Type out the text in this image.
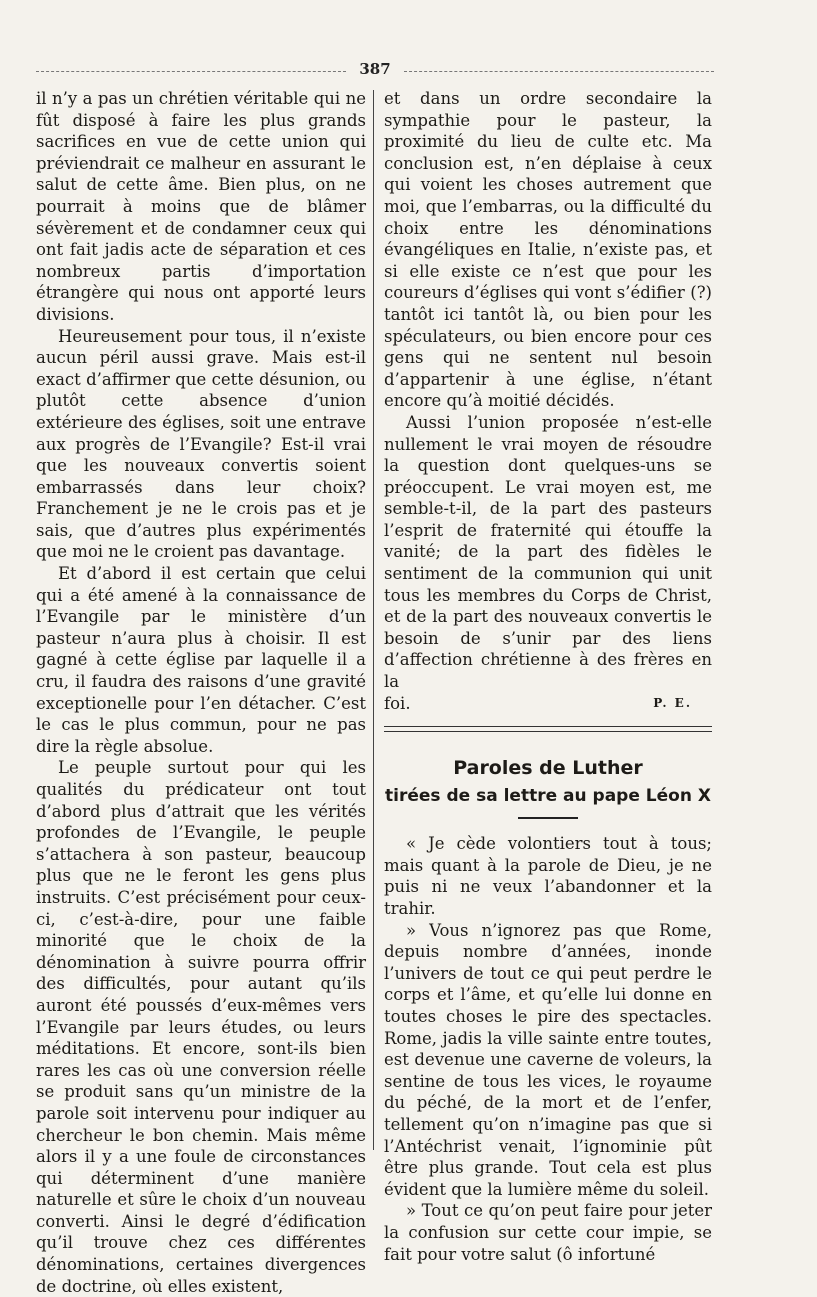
387

il n’y a pas un chrétien véritable qui ne fût disposé à faire les plus grands sacrifices en vue de cette union qui préviendrait ce malheur en assurant le salut de cette âme. Bien plus, on ne pourrait à moins que de blâmer sévèrement et de condamner ceux qui ont fait jadis acte de séparation et ces nombreux partis d’importation étrangère qui nous ont apporté leurs divisions.

Heureusement pour tous, il n’existe aucun péril aussi grave. Mais est-il exact d’affirmer que cette désunion, ou plutôt cette absence d’union extérieure des églises, soit une entrave aux progrès de l’Evangile? Est-il vrai que les nouveaux convertis soient embarrassés dans leur choix? Franchement je ne le crois pas et je sais, que d’autres plus expérimentés que moi ne le croient pas davantage.

Et d’abord il est certain que celui qui a été amené à la connaissance de l’Evangile par le ministère d’un pasteur n’aura plus à choisir. Il est gagné à cette église par laquelle il a cru, il faudra des raisons d’une gravité exceptionelle pour l’en détacher. C’est le cas le plus commun, pour ne pas dire la règle absolue.

Le peuple surtout pour qui les qualités du prédicateur ont tout d’abord plus d’attrait que les vérités profondes de l’Evangile, le peuple s’attachera à son pasteur, beaucoup plus que ne le feront les gens plus instruits. C’est précisément pour ceux-ci, c’est-à-dire, pour une faible minorité que le choix de la dénomination à suivre pourra offrir des difficultés, pour autant qu’ils auront été poussés d’eux-mêmes vers l’Evangile par leurs études, ou leurs méditations. Et encore, sont-ils bien rares les cas où une conversion réelle se produit sans qu’un ministre de la parole soit intervenu pour indiquer au chercheur le bon chemin. Mais même alors il y a une foule de circonstances qui déterminent d’une manière naturelle et sûre le choix d’un nouveau converti. Ainsi le degré d’édification qu’il trouve chez ces différentes dénominations, certaines divergences de doctrine, où elles existent,

et dans un ordre secondaire la sympathie pour le pasteur, la proximité du lieu de culte etc. Ma conclusion est, n’en déplaise à ceux qui voient les choses autrement que moi, que l’embarras, ou la difficulté du choix entre les dénominations évangéliques en Italie, n’existe pas, et si elle existe ce n’est que pour les coureurs d’églises qui vont s’édifier (?) tantôt ici tantôt là, ou bien pour les spéculateurs, ou bien encore pour ces gens qui ne sentent nul besoin d’appartenir à une église, n’étant encore qu’à moitié décidés.

Aussi l’union proposée n’est-elle nullement le vrai moyen de résoudre la question dont quelques-uns se préoccupent. Le vrai moyen est, me semble-t-il, de la part des pasteurs l’esprit de fraternité qui étouffe la vanité; de la part des fidèles le sentiment de la communion qui unit tous les membres du Corps de Christ, et de la part des nouveaux convertis le besoin de s’unir par des liens d’affection chrétienne à des frères en la

foi.	P. E.
Paroles de Luther
tirées de sa lettre au pape Léon X

« Je cède volontiers tout à tous; mais quant à la parole de Dieu, je ne puis ni ne veux l’abandonner et la trahir.

» Vous n’ignorez pas que Rome, depuis nombre d’années, inonde l’univers de tout ce qui peut perdre le corps et l’âme, et qu’elle lui donne en toutes choses le pire des spectacles. Rome, jadis la ville sainte entre toutes, est devenue une caverne de voleurs, la sentine de tous les vices, le royaume du péché, de la mort et de l’enfer, tellement qu’on n’imagine pas que si l’Antéchrist venait, l’ignominie pût être plus grande. Tout cela est plus évident que la lumière même du soleil.

» Tout ce qu’on peut faire pour jeter la confusion sur cette cour impie, se fait pour votre salut (ô infortuné
